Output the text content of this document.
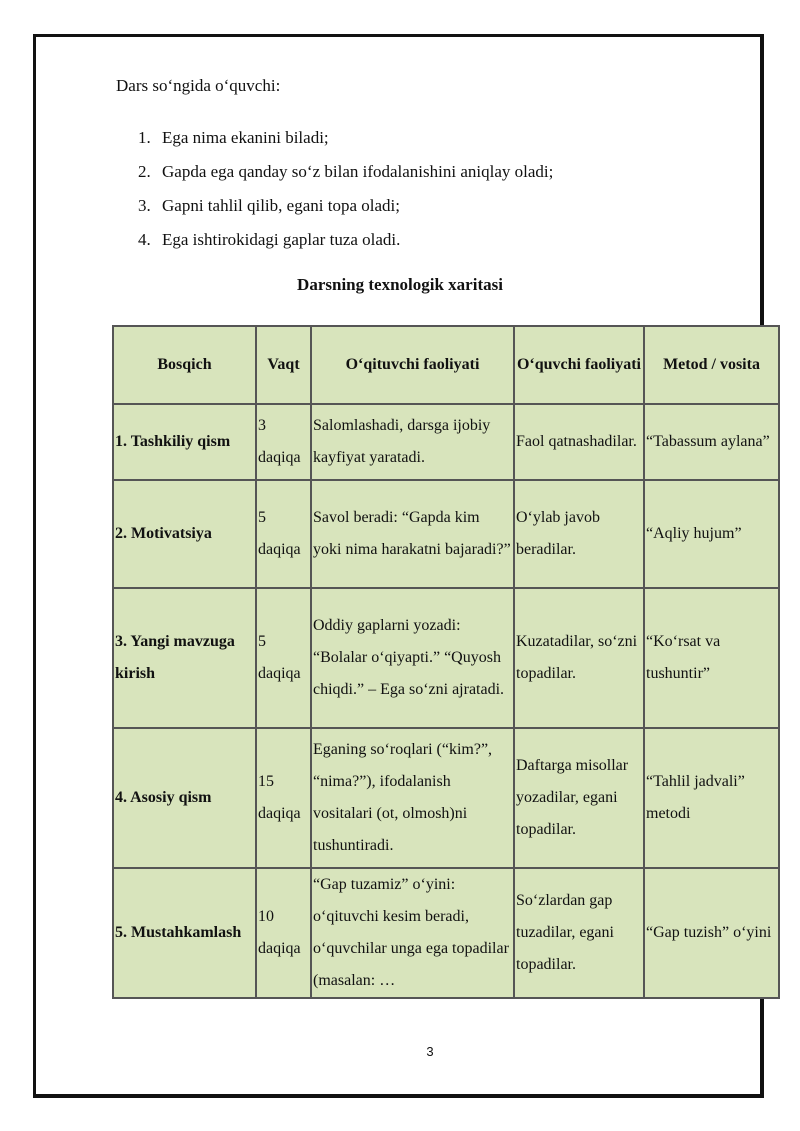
Dars so‘ngida o‘quvchi:

1. Ega nima ekanini biladi;
2. Gapda ega qanday so‘z bilan ifodalanishini aniqlay oladi;
3. Gapni tahlil qilib, egani topa oladi;
4. Ega ishtirokidagi gaplar tuza oladi.
Darsning texnologik xaritasi
Bosqich	Vaqt	O‘qituvchi faoliyati	O‘quvchi faoliyati	Metod / vosita
1. Tashkiliy qism	3 daqiqa	Salomlashadi, darsga ijobiy kayfiyat yaratadi.	Faol qatnashadilar.	“Tabassum aylana”
2. Motivatsiya	5 daqiqa	Savol beradi: “Gapda kim yoki nima harakatni bajaradi?”	O‘ylab javob beradilar.	“Aqliy hujum”
3. Yangi mavzuga kirish	5 daqiqa	Oddiy gaplarni yozadi: “Bolalar o‘qiyapti.” “Quyosh chiqdi.” – Ega so‘zni ajratadi.	Kuzatadilar, so‘zni topadilar.	“Ko‘rsat va tushuntir”
4. Asosiy qism	15 daqiqa	Eganing so‘roqlari (“kim?”, “nima?”), ifodalanish vositalari (ot, olmosh)ni tushuntiradi.	Daftarga misollar yozadilar, egani topadilar.	“Tahlil jadvali” metodi
5. Mustahkamlash	10 daqiqa	“Gap tuzamiz” o‘yini: o‘qituvchi kesim beradi, o‘quvchilar unga ega topadilar (masalan: …	So‘zlardan gap tuzadilar, egani topadilar.	“Gap tuzish” o‘yini
3
